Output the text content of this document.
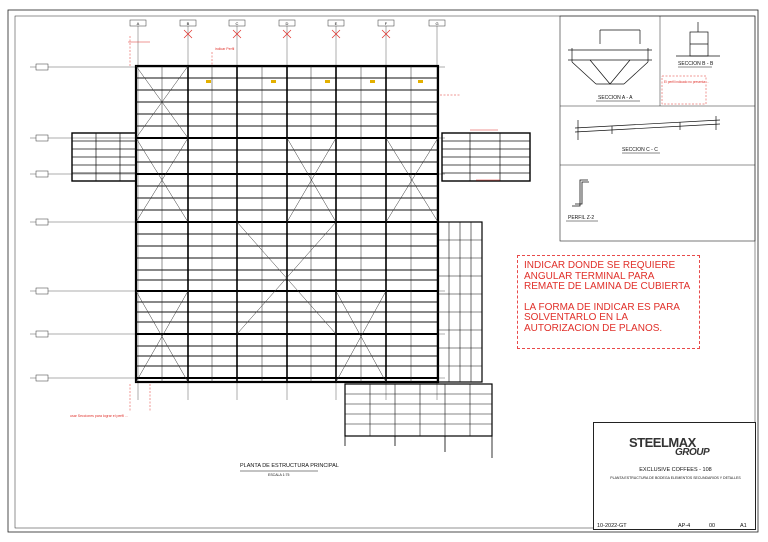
A	B	C	D	E	F	G
PLANTA DE ESTRUCTURA PRINCIPAL
ESCALA 1:75
SECCION A - A
SECCION B - B
SECCION C - C
PERFIL Z-2
usar Secciones para lograr el perfil ...
indicar Perfil
El perfil indicado no presenta ...

INDICAR DONDE SE REQUIERE ANGULAR TERMINAL PARA REMATE DE LAMINA DE CUBIERTA

LA FORMA DE INDICAR ES PARA SOLVENTARLO EN LA AUTORIZACION DE PLANOS.

STEELMAX
GROUP
EXCLUSIVE COFFEES - 108
PLANTA ESTRUCTURA DE BODEGA ELEMENTOS SECUNDARIOS Y DETALLES
10-2022-GT	AP-4	00	A1
